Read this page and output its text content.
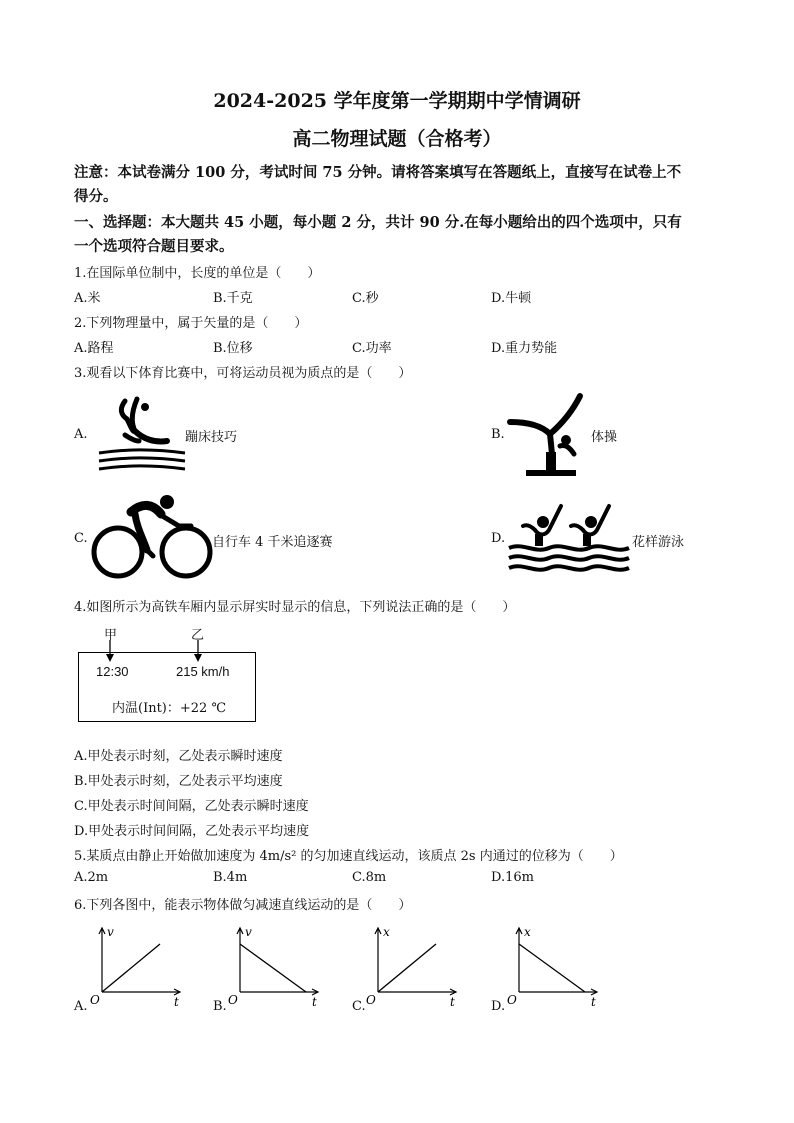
2024-2025 学年度第一学期期中学情调研
高二物理试题（合格考）
注意：本试卷满分 100 分，考试时间 75 分钟。请将答案填写在答题纸上，直接写在试卷上不
得分。
一、选择题：本大题共 45 小题，每小题 2 分，共计 90 分.在每小题给出的四个选项中，只有
一个选项符合题目要求。
1.在国际单位制中，长度的单位是（　　）
A.米	B.千克	C.秒	D.牛顿
2.下列物理量中，属于矢量的是（　　）
A.路程	B.位移	C.功率	D.重力势能
3.观看以下体育比赛中，可将运动员视为质点的是（　　）
A.	蹦床技巧	B.	体操
C.	自行车 4 千米追逐赛	D.	花样游泳
4.如图所示为高铁车厢内显示屏实时显示的信息，下列说法正确的是（　　）
甲	乙
12:30	215 km/h
内温(Int)：+22 ℃
A.甲处表示时刻，乙处表示瞬时速度
B.甲处表示时刻，乙处表示平均速度
C.甲处表示时间间隔，乙处表示瞬时速度
D.甲处表示时间间隔，乙处表示平均速度
5.某质点由静止开始做加速度为 4m/s² 的匀加速直线运动，该质点 2s 内通过的位移为（　　）
A.2m	B.4m	C.8m	D.16m
6.下列各图中，能表示物体做匀减速直线运动的是（　　）
A.	B.	C.	D.
v
t
O
v
t
O
x
t
O
x
t
O
